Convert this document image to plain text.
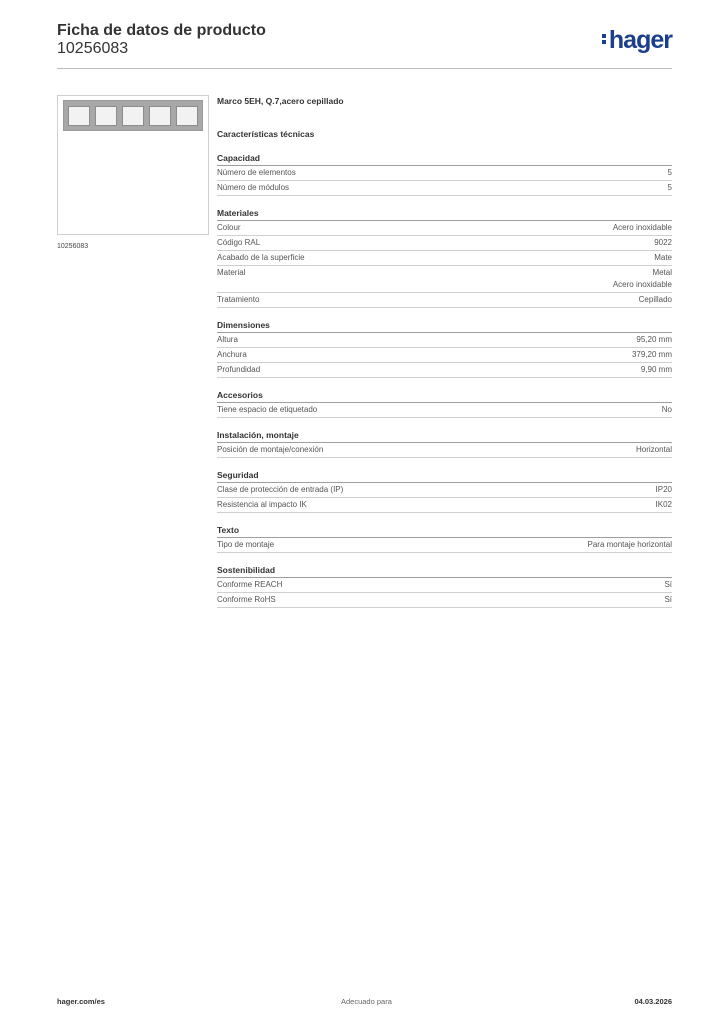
Ficha de datos de producto
10256083	hager
10256083
Marco 5EH, Q.7,acero cepillado
Características técnicas
Capacidad
Número de elementos	5
Número de módulos	5
Materiales
Colour	Acero inoxidable
Código RAL	9022
Acabado de la superficie	Mate
Material	Metal
Acero inoxidable
Tratamiento	Cepillado
Dimensiones
Altura	95,20 mm
Anchura	379,20 mm
Profundidad	9,90 mm
Accesorios
Tiene espacio de etiquetado	No
Instalación, montaje
Posición de montaje/conexión	Horizontal
Seguridad
Clase de protección de entrada (IP)	IP20
Resistencia al impacto IK	IK02
Texto
Tipo de montaje	Para montaje horizontal
Sostenibilidad
Conforme REACH	Sí
Conforme RoHS	Sí
hager.com/es	Adecuado para	04.03.2026
